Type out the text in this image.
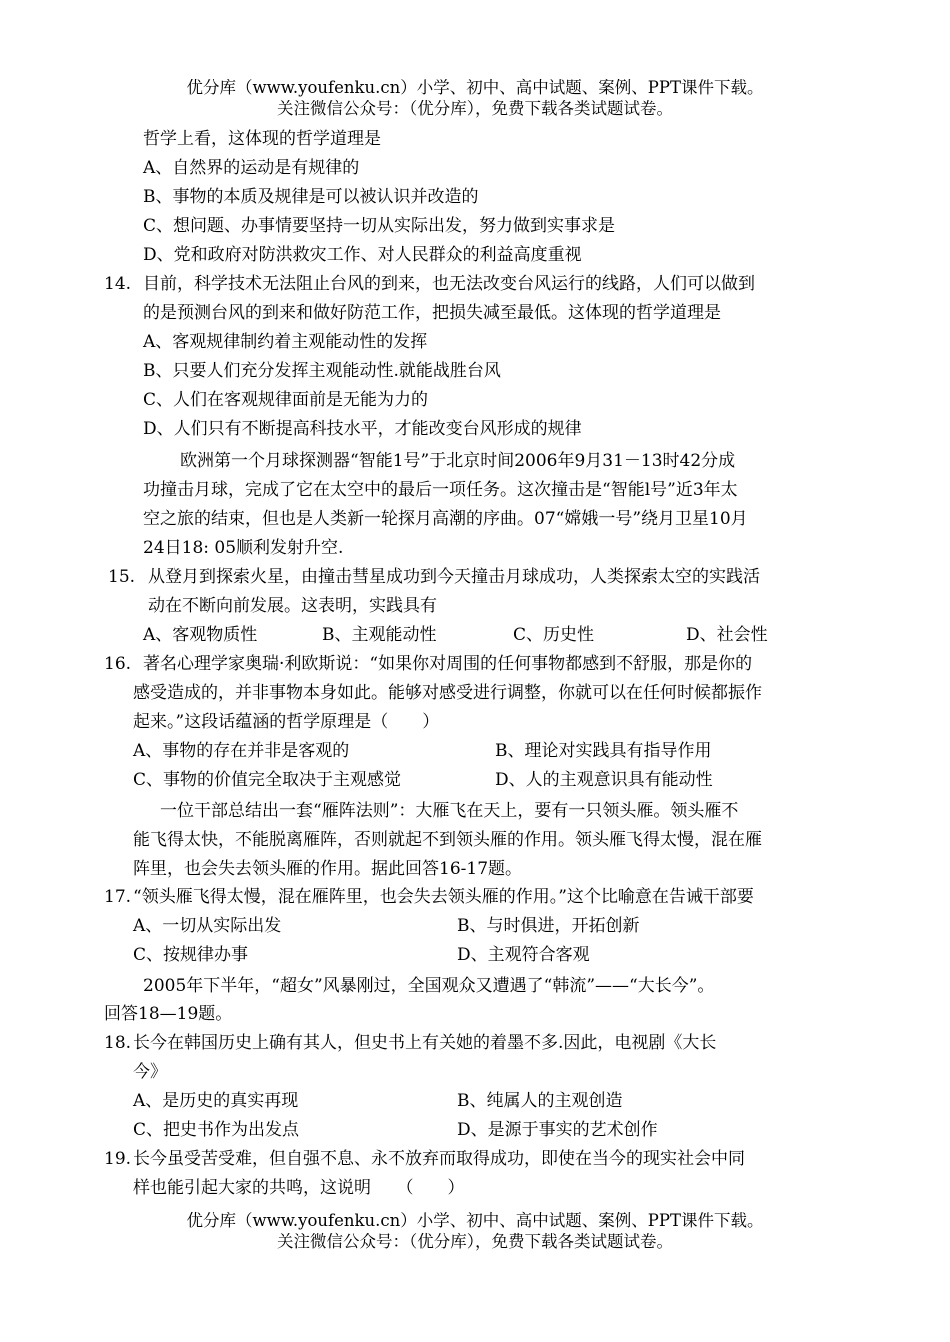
优分库（www.youfenku.cn）小学、初中、高中试题、案例、PPT课件下载。
关注微信公众号：（优分库），免费下载各类试题试卷。
哲学上看，这体现的哲学道理是
A、自然界的运动是有规律的
B、事物的本质及规律是可以被认识并改造的
C、想问题、办事情要坚持一切从实际出发，努力做到实事求是
D、党和政府对防洪救灾工作、对人民群众的利益高度重视
14. 目前，科学技术无法阻止台风的到来，也无法改变台风运行的线路，人们可以做到
的是预测台风的到来和做好防范工作，把损失减至最低。这体现的哲学道理是
A、客观规律制约着主观能动性的发挥
B、只要人们充分发挥主观能动性.就能战胜台风
C、人们在客观规律面前是无能为力的
D、人们只有不断提高科技水平，才能改变台风形成的规律
欧洲第一个月球探测器“智能1号”于北京时间2006年9月31－13时42分成
功撞击月球，完成了它在太空中的最后一项任务。这次撞击是“智能l号”近3年太
空之旅的结束，但也是人类新一轮探月高潮的序曲。07“嫦娥一号”绕月卫星10月
24日18: 05顺利发射升空.
15. 从登月到探索火星，由撞击彗星成功到今天撞击月球成功，人类探索太空的实践活
动在不断向前发展。这表明，实践具有
A、客观物质性	B、主观能动性	C、历史性	D、社会性
16. 著名心理学家奥瑞·利欧斯说：“如果你对周围的任何事物都感到不舒服，那是你的
感受造成的，并非事物本身如此。能够对感受进行调整，你就可以在任何时候都振作
起来。”这段话蕴涵的哲学原理是（　　）
A、事物的存在并非是客观的	B、理论对实践具有指导作用
C、事物的价值完全取决于主观感觉	D、人的主观意识具有能动性
一位干部总结出一套“雁阵法则”：大雁飞在天上，要有一只领头雁。领头雁不
能飞得太快，不能脱离雁阵，否则就起不到领头雁的作用。领头雁飞得太慢，混在雁
阵里，也会失去领头雁的作用。据此回答16-17题。
17. “领头雁飞得太慢，混在雁阵里，也会失去领头雁的作用。”这个比喻意在告诫干部要
A、一切从实际出发	B、与时俱进，开拓创新
C、按规律办事	D、主观符合客观
2005年下半年，“超女”风暴刚过，全国观众又遭遇了“韩流”——“大长今”。
回答18—19题。
18. 长今在韩国历史上确有其人，但史书上有关她的着墨不多.因此，电视剧《大长
今》
A、是历史的真实再现	B、纯属人的主观创造
C、把史书作为出发点	D、是源于事实的艺术创作
19. 长今虽受苦受难，但自强不息、永不放弃而取得成功，即使在当今的现实社会中同
样也能引起大家的共鸣，这说明　　（　　）
优分库（www.youfenku.cn）小学、初中、高中试题、案例、PPT课件下载。
关注微信公众号：（优分库），免费下载各类试题试卷。
